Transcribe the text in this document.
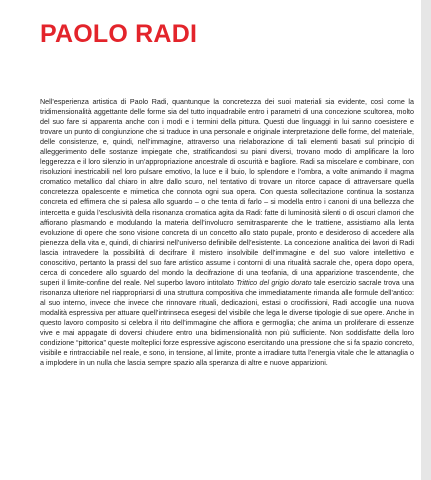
PAOLO RADI

Nell’esperienza artistica di Paolo Radi, quantunque la concretezza dei suoi materiali sia evidente, così come la tridimensionalità aggettante delle forme sia del tutto inquadrabile entro i parametri di una concezione scultorea, molto del suo fare si apparenta anche con i modi e i termini della pittura. Questi due linguaggi in lui sanno coesistere e trovare un punto di congiunzione che si traduce in una personale e originale interpretazione delle forme, del materiale, delle consistenze, e, quindi, nell’immagine, attraverso una rielaborazione di tali elementi basati sul principio di alleggerimento delle sostanze impiegate che, stratificandosi su piani diversi, trovano modo di amplificare la loro leggerezza e il loro silenzio in un’appropriazione ancestrale di oscurità e bagliore. Radi sa miscelare e combinare, con risoluzioni inestricabili nel loro pulsare emotivo, la luce e il buio, lo splendore e l’ombra, a volte animando il magma cromatico metallico dal chiaro in altre dallo scuro, nel tentativo di trovare un ritorce capace di attraversare quella concretezza opalescente e mimetica che connota ogni sua opera. Con questa sollecitazione continua la sostanza concreta ed effimera che si palesa allo sguardo – o che tenta di farlo – si modella entro i canoni di una bellezza che intercetta e guida l’esclusività della risonanza cromatica agita da Radi: fatte di luminosità silenti o di oscuri clamori che affiorano plasmando e modulando la materia dell’involucro semitrasparente che le trattiene, assistiamo alla lenta evoluzione di opere che sono visione concreta di un concetto allo stato pupale, pronto e desideroso di accedere alla pienezza della vita e, quindi, di chiarirsi nell’universo definibile dell’esistente. La concezione analitica dei lavori di Radi lascia intravedere la possibilità di decifrare il mistero insolvibile dell’immagine e del suo valore intellettivo e conoscitivo, pertanto la prassi del suo fare artistico assume i contorni di una ritualità sacrale che, opera dopo opera, cerca di concedere allo sguardo del mondo la decifrazione di una teofania, di una apparizione trascendente, che superi il limite-confine del reale. Nel superbo lavoro intitolato Trittico del grigio dorato tale esercizio sacrale trova una risonanza ulteriore nel riappropriarsi di una struttura compositiva che immediatamente rimanda alle formule dell’antico: al suo interno, invece che invece che rinnovare rituali, dedicazioni, estasi o crocifissioni, Radi accoglie una nuova modalità espressiva per attuare quell’intrinseca esegesi del visibile che lega le diverse tipologie di sue opere. Anche in questo lavoro composito si celebra il rito dell’immagine che affiora e germoglia; che anima un proliferare di essenze vive e mai appagate di doversi chiudere entro una bidimensionalità non più sufficiente. Non soddisfatte della loro condizione “pittorica” queste molteplici forze espressive agiscono esercitando una pressione che si fa spazio concreto, visibile e rintracciabile nel reale, e sono, in tensione, al limite, pronte a irradiare tutta l’energia vitale che le attanaglia o a implodere in un nulla che lascia sempre spazio alla speranza di altre e nuove apparizioni.
